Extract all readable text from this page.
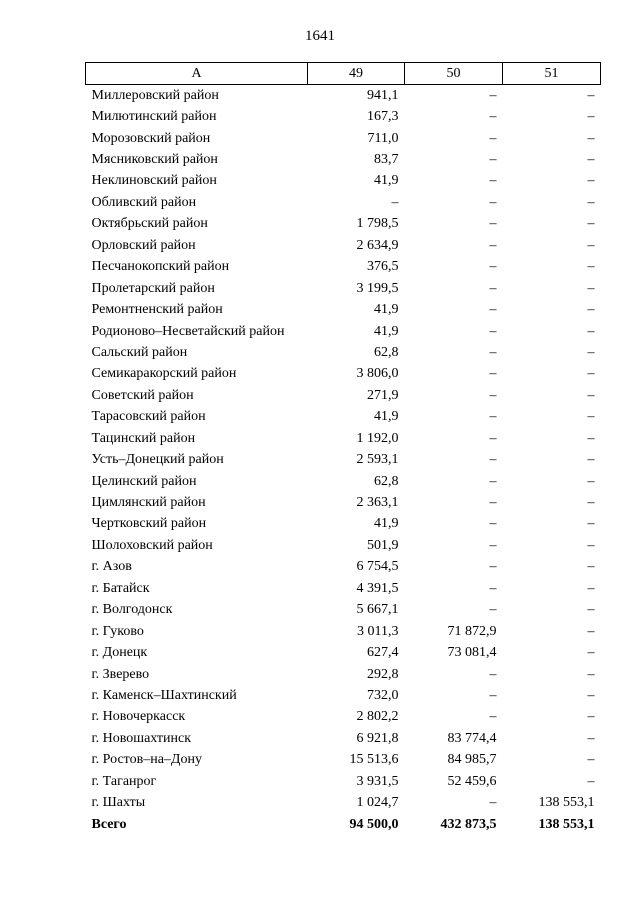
1641
А	49	50	51
Миллеровский район	941,1	–	–
Милютинский район	167,3	–	–
Морозовский район	711,0	–	–
Мясниковский район	83,7	–	–
Неклиновский район	41,9	–	–
Обливский район	–	–	–
Октябрьский район	1 798,5	–	–
Орловский район	2 634,9	–	–
Песчанокопский район	376,5	–	–
Пролетарский район	3 199,5	–	–
Ремонтненский район	41,9	–	–
Родионово–Несветайский район	41,9	–	–
Сальский район	62,8	–	–
Семикаракорский район	3 806,0	–	–
Советский район	271,9	–	–
Тарасовский район	41,9	–	–
Тацинский район	1 192,0	–	–
Усть–Донецкий район	2 593,1	–	–
Целинский район	62,8	–	–
Цимлянский район	2 363,1	–	–
Чертковский район	41,9	–	–
Шолоховский район	501,9	–	–
г. Азов	6 754,5	–	–
г. Батайск	4 391,5	–	–
г. Волгодонск	5 667,1	–	–
г. Гуково	3 011,3	71 872,9	–
г. Донецк	627,4	73 081,4	–
г. Зверево	292,8	–	–
г. Каменск–Шахтинский	732,0	–	–
г. Новочеркасск	2 802,2	–	–
г. Новошахтинск	6 921,8	83 774,4	–
г. Ростов–на–Дону	15 513,6	84 985,7	–
г. Таганрог	3 931,5	52 459,6	–
г. Шахты	1 024,7	–	138 553,1
Всего	94 500,0	432 873,5	138 553,1
